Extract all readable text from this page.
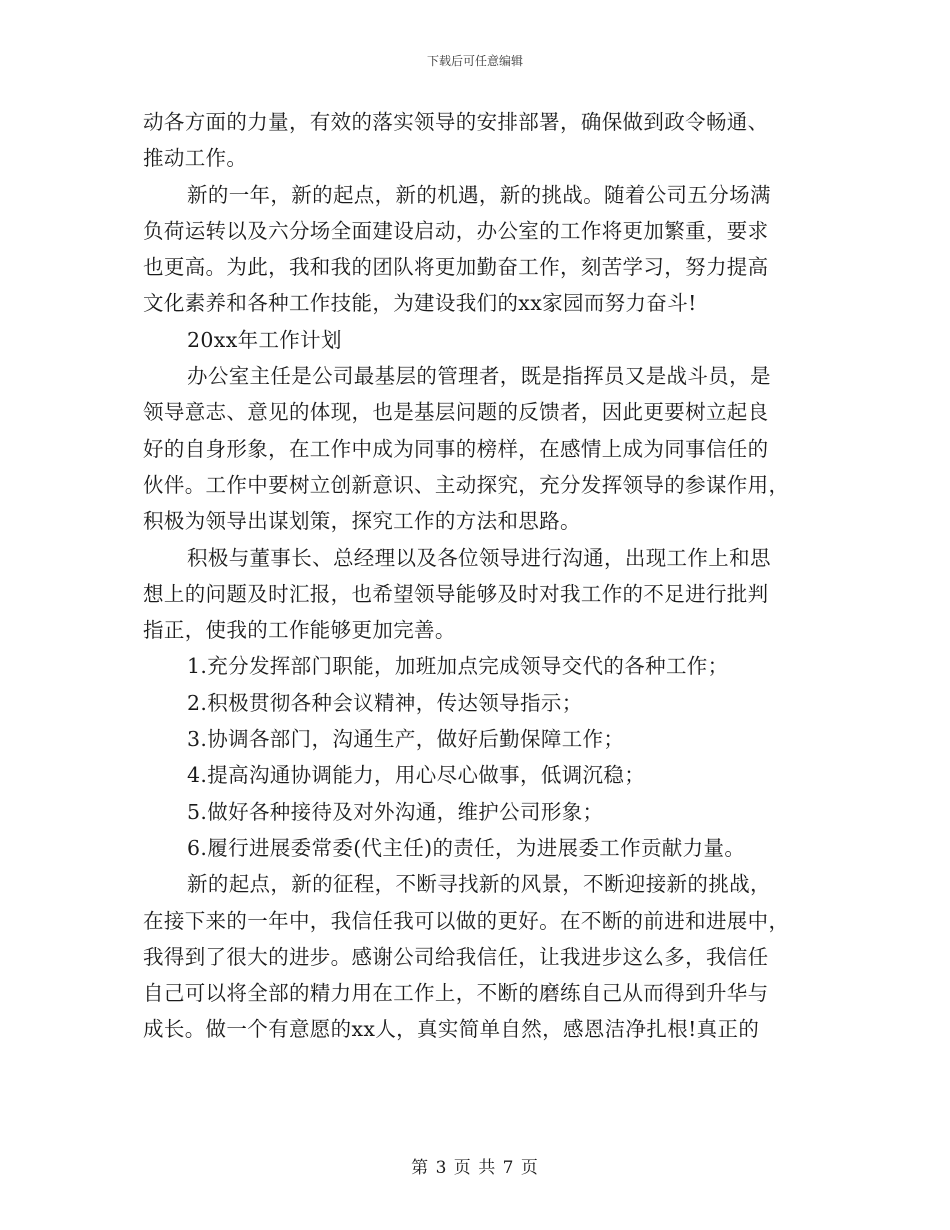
下载后可任意编辑
动各方面的力量，有效的落实领导的安排部署，确保做到政令畅通、
推动工作。
新的一年，新的起点，新的机遇，新的挑战。随着公司五分场满
负荷运转以及六分场全面建设启动，办公室的工作将更加繁重，要求
也更高。为此，我和我的团队将更加勤奋工作，刻苦学习，努力提高
文化素养和各种工作技能，为建设我们的xx家园而努力奋斗!
20xx年工作计划
办公室主任是公司最基层的管理者，既是指挥员又是战斗员，是
领导意志、意见的体现，也是基层问题的反馈者，因此更要树立起良
好的自身形象，在工作中成为同事的榜样，在感情上成为同事信任的
伙伴。工作中要树立创新意识、主动探究，充分发挥领导的参谋作用，
积极为领导出谋划策，探究工作的方法和思路。
积极与董事长、总经理以及各位领导进行沟通，出现工作上和思
想上的问题及时汇报，也希望领导能够及时对我工作的不足进行批判
指正，使我的工作能够更加完善。
1.充分发挥部门职能，加班加点完成领导交代的各种工作；
2.积极贯彻各种会议精神，传达领导指示；
3.协调各部门，沟通生产，做好后勤保障工作；
4.提高沟通协调能力，用心尽心做事，低调沉稳；
5.做好各种接待及对外沟通，维护公司形象；
6.履行进展委常委(代主任)的责任，为进展委工作贡献力量。
新的起点，新的征程，不断寻找新的风景，不断迎接新的挑战，
在接下来的一年中，我信任我可以做的更好。在不断的前进和进展中，
我得到了很大的进步。感谢公司给我信任，让我进步这么多，我信任
自己可以将全部的精力用在工作上，不断的磨练自己从而得到升华与
成长。做一个有意愿的xx人，真实简单自然，感恩洁净扎根!真正的
第 3 页 共 7 页
